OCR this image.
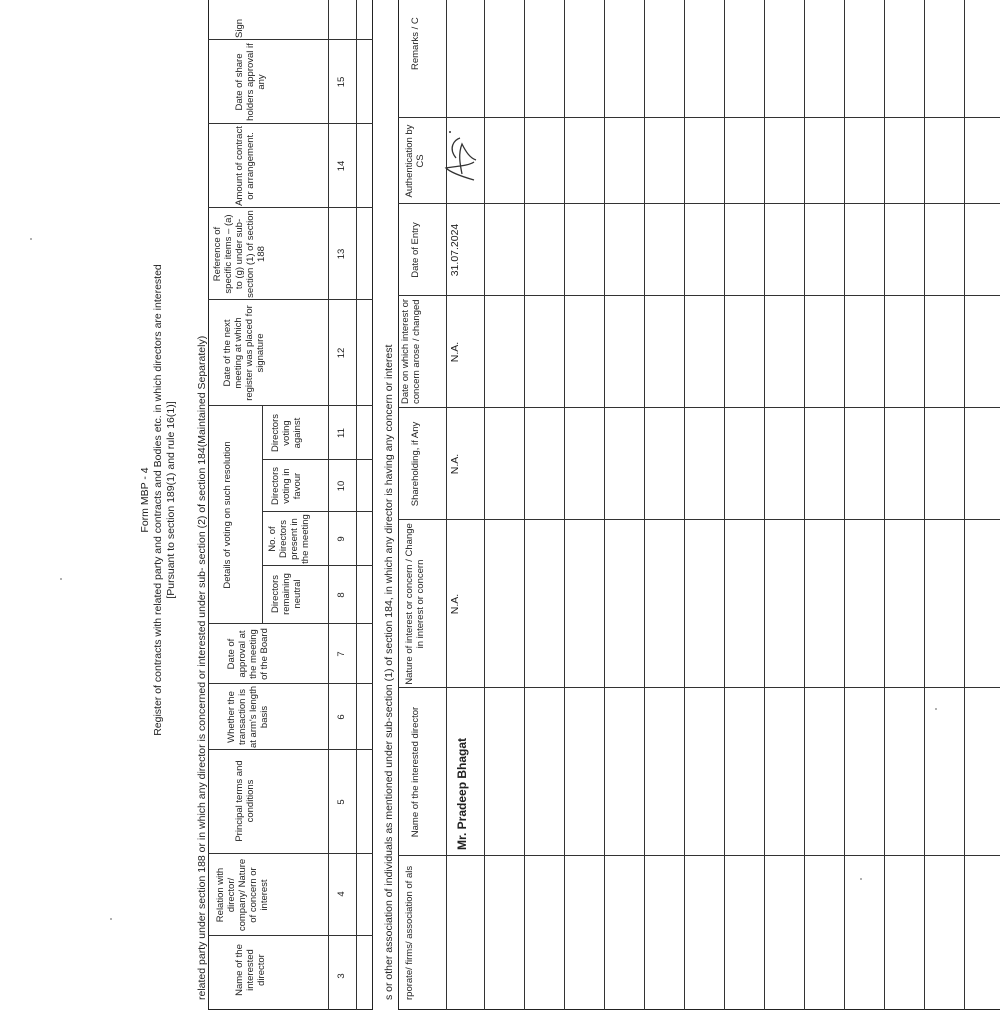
Form MBP - 4 Register of contracts with related party and contracts and Bodies etc. in which directors are interested [Pursuant to section 189(1) and rule 16(1)] related party under section 188 or in which any director is concerned or interested under sub- section (2) of section 184(Maintained Separately)	Name of the interested director
Relation with director/ company/ Nature of concern or interest
Principal terms and conditions
Whether the transaction is at arm's length basis
Date of approval at the meeting of the Board
Details of voting on such resolution	No. of Directors present in the meeting
Directors voting in favour
Directors voting against
Directors remaining neutral
Date of the next meeting at which register was placed for signature
Reference of specific items – (a) to (g) under sub-section (1) of section 188
Amount of contract or arrangement.
Date of share holders approval if any
Sign
3
4
5
6
7
8
9
10
11
12
13
14
15
s or other association of individuals as mentioned under sub-section (1) of section 184, in which any director is having any concern or interest rporate/ firms/ association of als
Name of the interested director
Nature of interest or concern / Change in interest or concern
Shareholding, if Any
Date on which interest or concern arose / changed
Date of Entry
Authentication by CS
Remarks / C
Mr. Pradeep Bhagat
N.A.
N.A.
N.A.
31.07.2024
